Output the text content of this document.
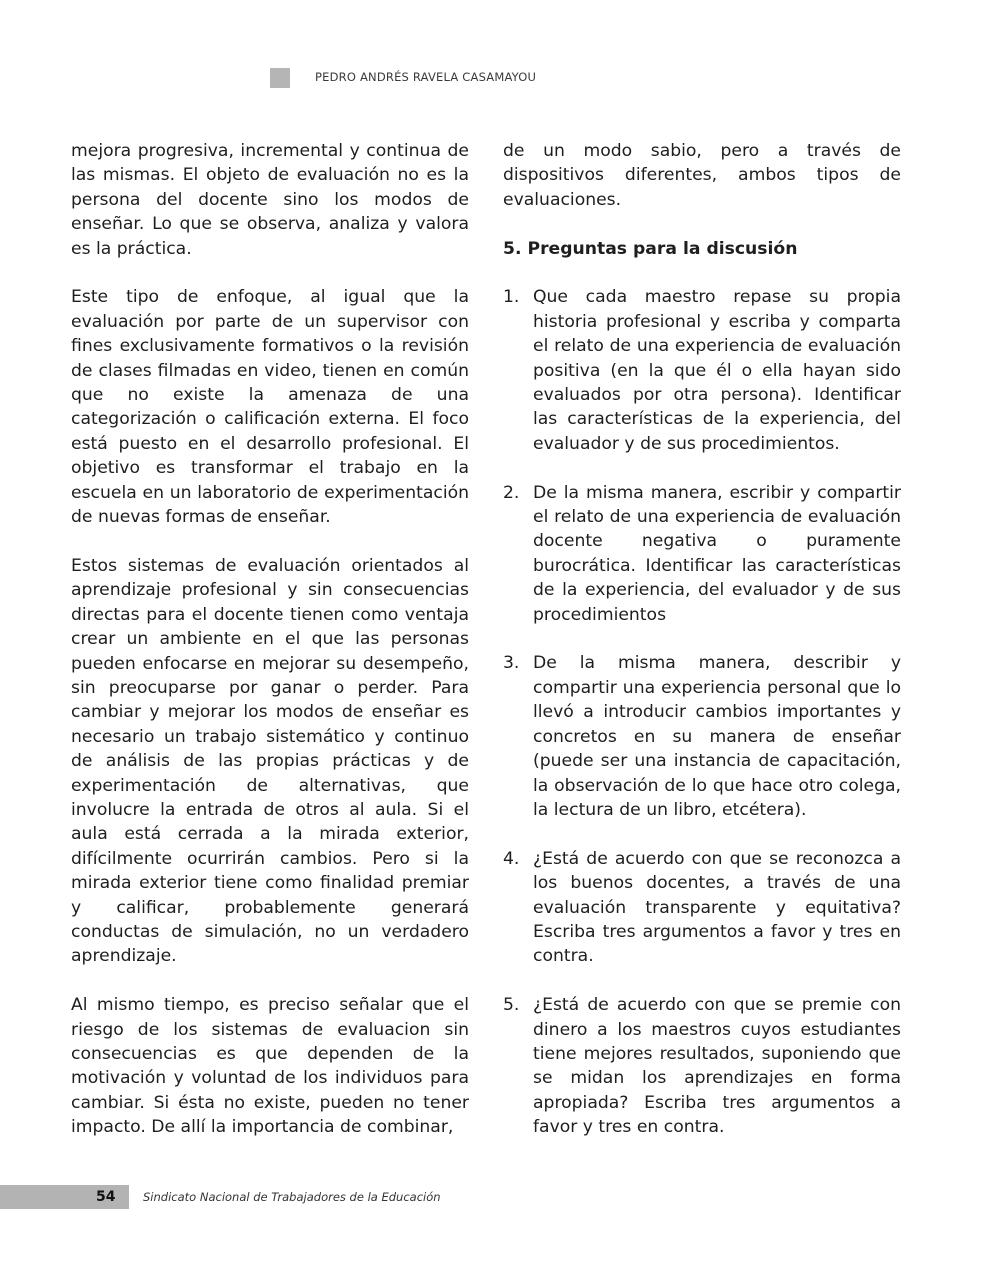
PEDRO ANDRÉS RAVELA CASAMAYOU

mejora progresiva, incremental y continua de las mismas. El objeto de evaluación no es la persona del docente sino los modos de enseñar. Lo que se observa, analiza y valora es la práctica.

Este tipo de enfoque, al igual que la evaluación por parte de un supervisor con fines exclusivamente formativos o la revisión de clases filmadas en video, tienen en común que no existe la amenaza de una categorización o calificación externa. El foco está puesto en el desarrollo profesional. El objetivo es transformar el trabajo en la escuela en un laboratorio de experimentación de nuevas formas de enseñar.

Estos sistemas de evaluación orientados al aprendizaje profesional y sin consecuencias directas para el docente tienen como ventaja crear un ambiente en el que las personas pueden enfocarse en mejorar su desempeño, sin preocuparse por ganar o perder. Para cambiar y mejorar los modos de enseñar es necesario un trabajo sistemático y continuo de análisis de las propias prácticas y de experimentación de alternativas, que involucre la entrada de otros al aula. Si el aula está cerrada a la mirada exterior, difícilmente ocurrirán cambios. Pero si la mirada exterior tiene como finalidad premiar y calificar, probablemente generará conductas de simulación, no un verdadero aprendizaje.

Al mismo tiempo, es preciso señalar que el riesgo de los sistemas de evaluacion sin consecuencias es que dependen de la motivación y voluntad de los individuos para cambiar. Si ésta no existe, pueden no tener impacto. De allí la importancia de combinar,

de un modo sabio, pero a través de dispositivos diferentes, ambos tipos de evaluaciones.

5. Preguntas para la discusión
1. Que cada maestro repase su propia historia profesional y escriba y comparta el relato de una experiencia de evaluación positiva (en la que él o ella hayan sido evaluados por otra persona). Identificar las características de la experiencia, del evaluador y de sus procedimientos.
2. De la misma manera, escribir y compartir el relato de una experiencia de evaluación docente negativa o puramente burocrática. Identificar las características de la experiencia, del evaluador y de sus procedimientos
3. De la misma manera, describir y compartir una experiencia personal que lo llevó a introducir cambios importantes y concretos en su manera de enseñar (puede ser una instancia de capacitación, la observación de lo que hace otro colega, la lectura de un libro, etcétera).
4. ¿Está de acuerdo con que se reconozca a los buenos docentes, a través de una evaluación transparente y equitativa? Escriba tres argumentos a favor y tres en contra.
5. ¿Está de acuerdo con que se premie con dinero a los maestros cuyos estudiantes tiene mejores resultados, suponiendo que se midan los aprendizajes en forma apropiada? Escriba tres argumentos a favor y tres en contra.
54	Sindicato Nacional de Trabajadores de la Educación
